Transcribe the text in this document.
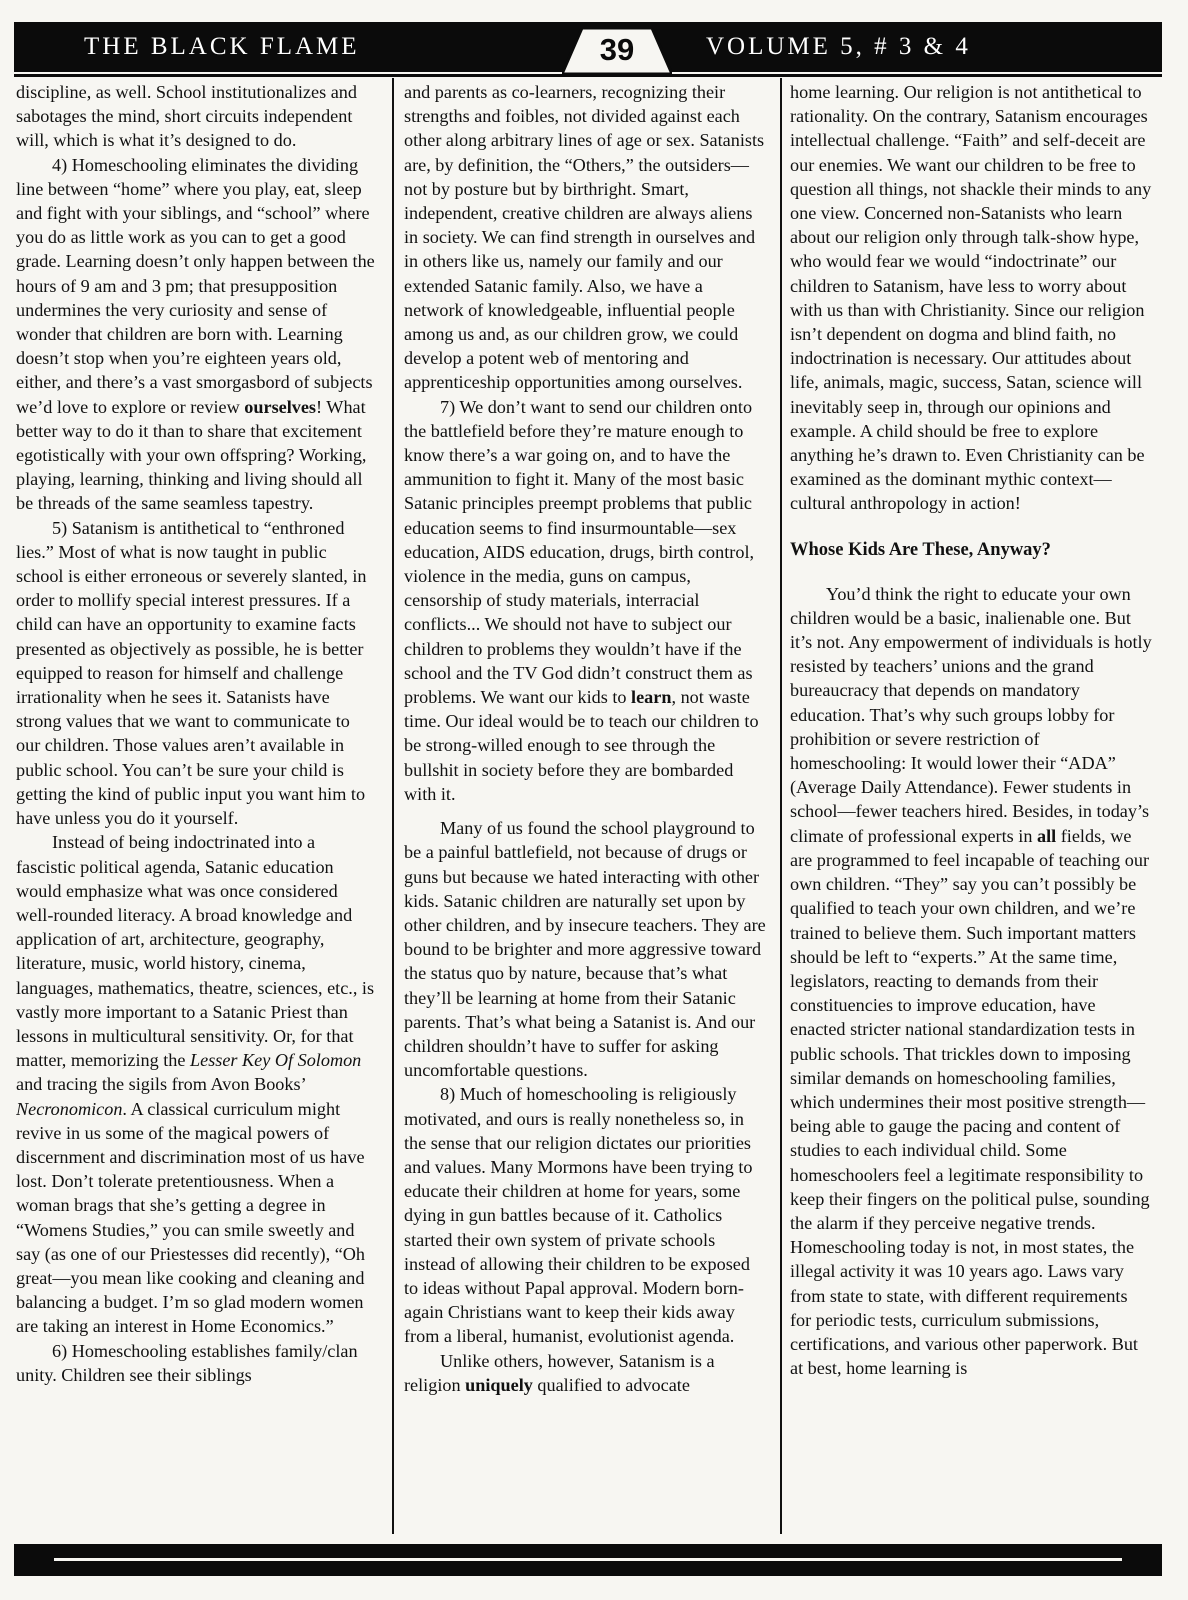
THE BLACK FLAME	39	VOLUME 5, # 3 & 4

discipline, as well. School institutionalizes and sabotages the mind, short circuits independent will, which is what it’s designed to do.

4) Homeschooling eliminates the dividing line between “home” where you play, eat, sleep and fight with your siblings, and “school” where you do as little work as you can to get a good grade. Learning doesn’t only happen between the hours of 9 am and 3 pm; that presupposition undermines the very curiosity and sense of wonder that children are born with. Learning doesn’t stop when you’re eighteen years old, either, and there’s a vast smorgasbord of subjects we’d love to explore or review ourselves! What better way to do it than to share that excitement egotistically with your own offspring? Working, playing, learning, thinking and living should all be threads of the same seamless tapestry.

5) Satanism is antithetical to “enthroned lies.” Most of what is now taught in public school is either erroneous or severely slanted, in order to mollify special interest pressures. If a child can have an opportunity to examine facts presented as objectively as possible, he is better equipped to reason for himself and challenge irrationality when he sees it. Satanists have strong values that we want to communicate to our children. Those values aren’t available in public school. You can’t be sure your child is getting the kind of public input you want him to have unless you do it yourself.

Instead of being indoctrinated into a fascistic political agenda, Satanic education would emphasize what was once considered well-rounded literacy. A broad knowledge and application of art, architecture, geography, literature, music, world history, cinema, languages, mathematics, theatre, sciences, etc., is vastly more important to a Satanic Priest than lessons in multicultural sensitivity. Or, for that matter, memorizing the Lesser Key Of Solomon and tracing the sigils from Avon Books’ Necronomicon. A classical curriculum might revive in us some of the magical powers of discernment and discrimination most of us have lost. Don’t tolerate pretentiousness. When a woman brags that she’s getting a degree in “Womens Studies,” you can smile sweetly and say (as one of our Priestesses did recently), “Oh great—you mean like cooking and cleaning and balancing a budget. I’m so glad modern women are taking an interest in Home Economics.”

6) Homeschooling establishes family/clan unity. Children see their siblings

and parents as co-learners, recognizing their strengths and foibles, not divided against each other along arbitrary lines of age or sex. Satanists are, by definition, the “Others,” the outsiders—not by posture but by birthright. Smart, independent, creative children are always aliens in society. We can find strength in ourselves and in others like us, namely our family and our extended Satanic family. Also, we have a network of knowledgeable, influential people among us and, as our children grow, we could develop a potent web of mentoring and apprenticeship opportunities among ourselves.

7) We don’t want to send our children onto the battlefield before they’re mature enough to know there’s a war going on, and to have the ammunition to fight it. Many of the most basic Satanic principles preempt problems that public education seems to find insurmountable—sex education, AIDS education, drugs, birth control, violence in the media, guns on campus, censorship of study materials, interracial conflicts... We should not have to subject our children to problems they wouldn’t have if the school and the TV God didn’t construct them as problems. We want our kids to learn, not waste time. Our ideal would be to teach our children to be strong-willed enough to see through the bullshit in society before they are bombarded with it.

Many of us found the school playground to be a painful battlefield, not because of drugs or guns but because we hated interacting with other kids. Satanic children are naturally set upon by other children, and by insecure teachers. They are bound to be brighter and more aggressive toward the status quo by nature, because that’s what they’ll be learning at home from their Satanic parents. That’s what being a Satanist is. And our children shouldn’t have to suffer for asking uncomfortable questions.

8) Much of homeschooling is religiously motivated, and ours is really nonetheless so, in the sense that our religion dictates our priorities and values. Many Mormons have been trying to educate their children at home for years, some dying in gun battles because of it. Catholics started their own system of private schools instead of allowing their children to be exposed to ideas without Papal approval. Modern born-again Christians want to keep their kids away from a liberal, humanist, evolutionist agenda.

Unlike others, however, Satanism is a religion uniquely qualified to advocate

home learning. Our religion is not antithetical to rationality. On the contrary, Satanism encourages intellectual challenge. “Faith” and self-deceit are our enemies. We want our children to be free to question all things, not shackle their minds to any one view. Concerned non-Satanists who learn about our religion only through talk-show hype, who would fear we would “indoctrinate” our children to Satanism, have less to worry about with us than with Christianity. Since our religion isn’t dependent on dogma and blind faith, no indoctrination is necessary. Our attitudes about life, animals, magic, success, Satan, science will inevitably seep in, through our opinions and example. A child should be free to explore anything he’s drawn to. Even Christianity can be examined as the dominant mythic context—cultural anthropology in action!

Whose Kids Are These, Anyway?

You’d think the right to educate your own children would be a basic, inalienable one. But it’s not. Any empowerment of individuals is hotly resisted by teachers’ unions and the grand bureaucracy that depends on mandatory education. That’s why such groups lobby for prohibition or severe restriction of homeschooling: It would lower their “ADA” (Average Daily Attendance). Fewer students in school—fewer teachers hired. Besides, in today’s climate of professional experts in all fields, we are programmed to feel incapable of teaching our own children. “They” say you can’t possibly be qualified to teach your own children, and we’re trained to believe them. Such important matters should be left to “experts.” At the same time, legislators, reacting to demands from their constituencies to improve education, have enacted stricter national standardization tests in public schools. That trickles down to imposing similar demands on homeschooling families, which undermines their most positive strength—being able to gauge the pacing and content of studies to each individual child. Some homeschoolers feel a legitimate responsibility to keep their fingers on the political pulse, sounding the alarm if they perceive negative trends. Homeschooling today is not, in most states, the illegal activity it was 10 years ago. Laws vary from state to state, with different requirements for periodic tests, curriculum submissions, certifications, and various other paperwork. But at best, home learning is
